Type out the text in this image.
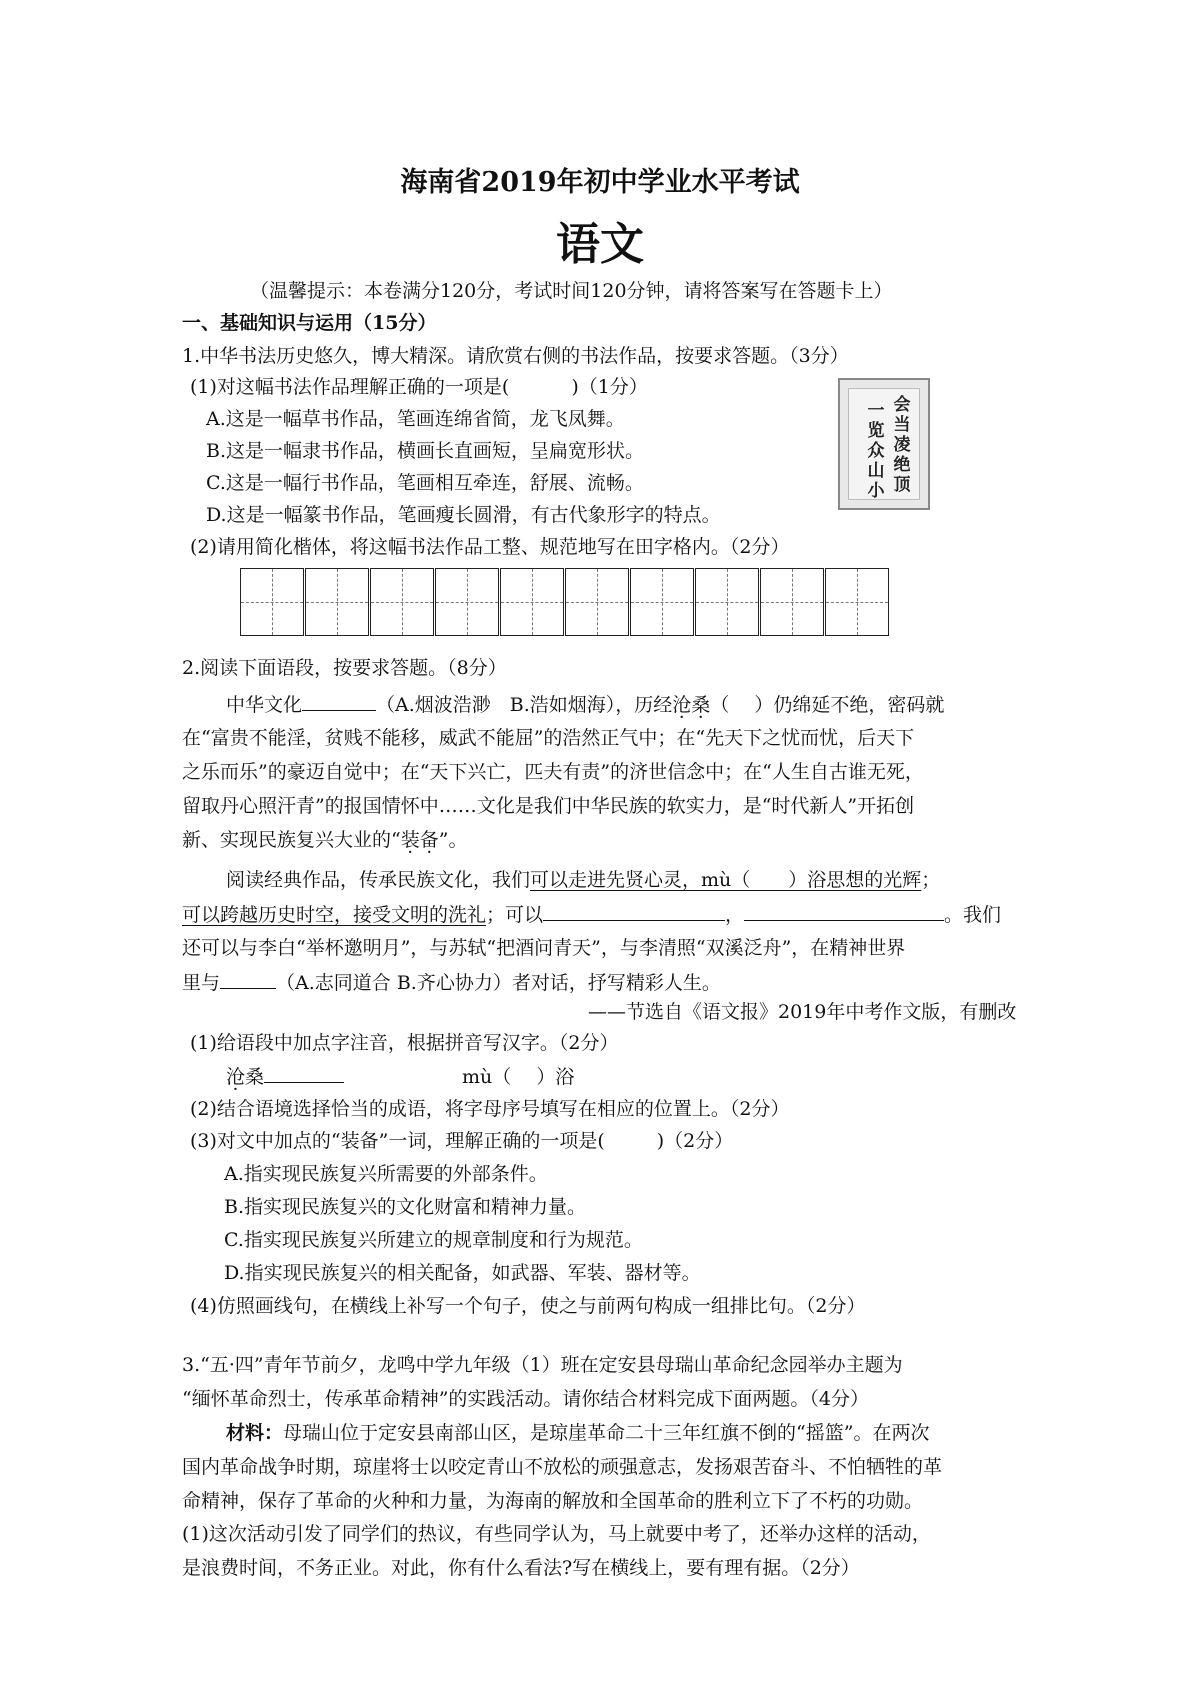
海南省2019年初中学业水平考试
语文
（温馨提示：本卷满分120分，考试时间120分钟，请将答案写在答题卡上）
一、基础知识与运用（15分）
1.中华书法历史悠久，博大精深。请欣赏右侧的书法作品，按要求答题。（3分）
(1)对这幅书法作品理解正确的一项是(	)（1分）
A.这是一幅草书作品，笔画连绵省简，龙飞凤舞。
B.这是一幅隶书作品，横画长直画短，呈扁宽形状。
C.这是一幅行书作品，笔画相互牵连，舒展、流畅。
D.这是一幅篆书作品，笔画瘦长圆滑，有古代象形字的特点。
(2)请用简化楷体，将这幅书法作品工整、规范地写在田字格内。（2分）
会当凌绝顶
一览众山小
2.阅读下面语段，按要求答题。（8分）
中华文化	（A.烟波浩渺　B.浩如烟海），历经沧桑（　 ）仍绵延不绝，密码就
在“富贵不能淫，贫贱不能移，威武不能屈”的浩然正气中；在“先天下之忧而忧，后天下
之乐而乐”的豪迈自觉中；在“天下兴亡，匹夫有责”的济世信念中；在“人生自古谁无死，
留取丹心照汗青”的报国情怀中……文化是我们中华民族的软实力，是“时代新人”开拓创
新、实现民族复兴大业的“装备”。
阅读经典作品，传承民族文化，我们可以走进先贤心灵，mù（　　）浴思想的光辉；
可以跨越历史时空，接受文明的洗礼；可以	，	。我们
还可以与李白“举杯邀明月”，与苏轼“把酒问青天”，与李清照“双溪泛舟”，在精神世界
里与	（A.志同道合 B.齐心协力）者对话，抒写精彩人生。
——节选自《语文报》2019年中考作文版，有删改
(1)给语段中加点字注音，根据拼音写汉字。（2分）
沧桑	mù（　 ）浴
(2)结合语境选择恰当的成语，将字母序号填写在相应的位置上。（2分）
(3)对文中加点的“装备”一词，理解正确的一项是(	)（2分）
A.指实现民族复兴所需要的外部条件。
B.指实现民族复兴的文化财富和精神力量。
C.指实现民族复兴所建立的规章制度和行为规范。
D.指实现民族复兴的相关配备，如武器、军装、器材等。
(4)仿照画线句，在横线上补写一个句子，使之与前两句构成一组排比句。（2分）
3.“五·四”青年节前夕，龙鸣中学九年级（1）班在定安县母瑞山革命纪念园举办主题为
“缅怀革命烈士，传承革命精神”的实践活动。请你结合材料完成下面两题。（4分）
材料：母瑞山位于定安县南部山区，是琼崖革命二十三年红旗不倒的“摇篮”。在两次
国内革命战争时期，琼崖将士以咬定青山不放松的顽强意志，发扬艰苦奋斗、不怕牺牲的革
命精神，保存了革命的火种和力量，为海南的解放和全国革命的胜利立下了不朽的功勋。
(1)这次活动引发了同学们的热议，有些同学认为，马上就要中考了，还举办这样的活动，
是浪费时间，不务正业。对此，你有什么看法?写在横线上，要有理有据。（2分）
